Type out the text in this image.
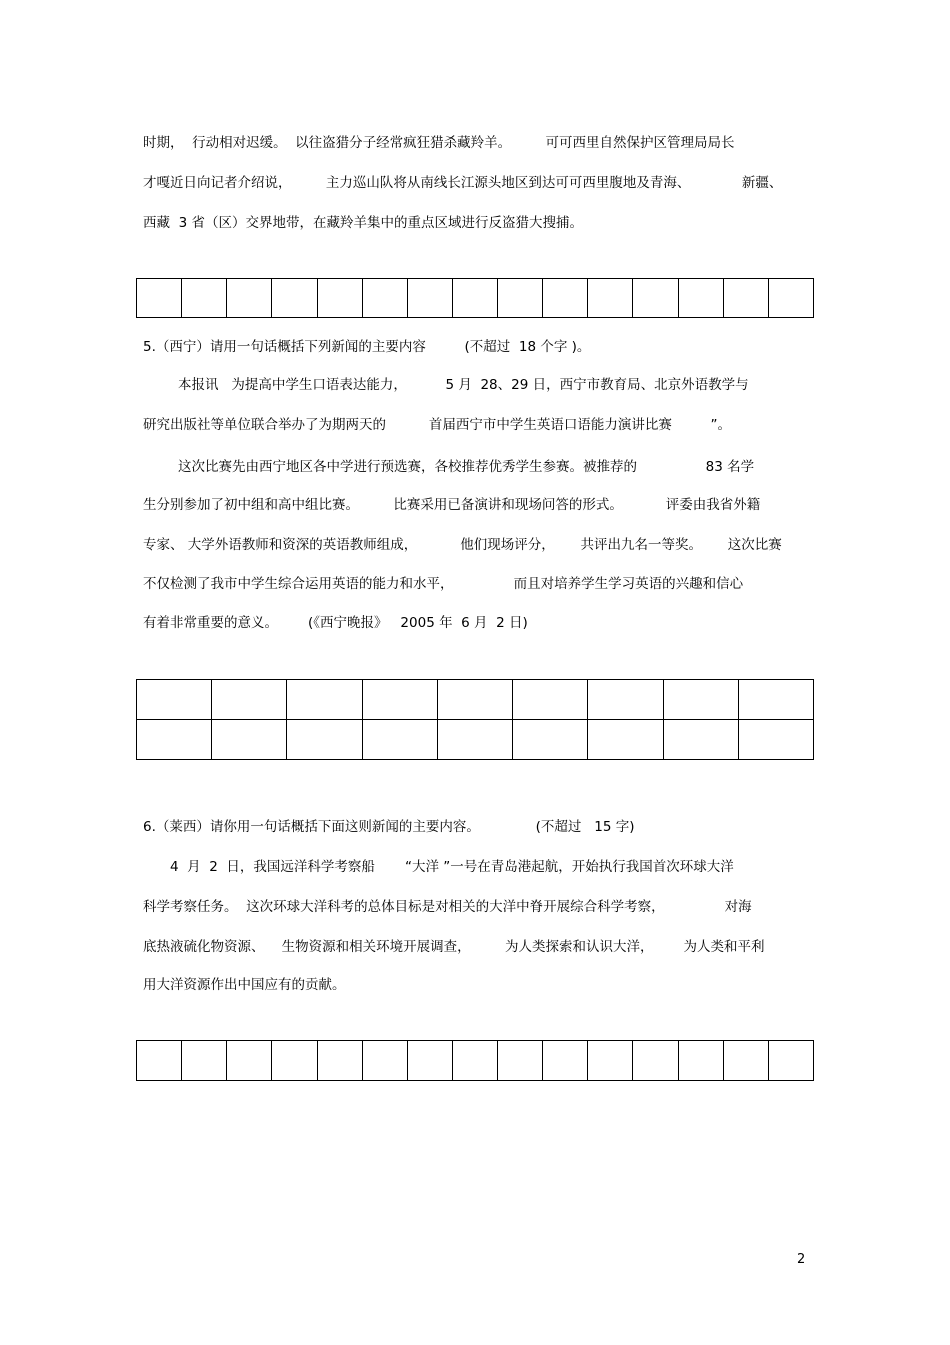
时期，  行动相对迟缓。  以往盗猎分子经常疯狂猎杀藏羚羊。        可可西里自然保护区管理局局长
才嘎近日向记者介绍说，        主力巡山队将从南线长江源头地区到达可可西里腹地及青海、            新疆、
西藏  3 省（区）交界地带，在藏羚羊集中的重点区域进行反盗猎大搜捕。

5.（西宁）请用一句话概括下列新闻的主要内容         (不超过  18 个字 )。
本报讯   为提高中学生口语表达能力，         5 月  28、29 日，西宁市教育局、北京外语教学与
研究出版社等单位联合举办了为期两天的          首届西宁市中学生英语口语能力演讲比赛         ”。
这次比赛先由西宁地区各中学进行预选赛，各校推荐优秀学生参赛。被推荐的                83 名学
生分别参加了初中组和高中组比赛。        比赛采用已备演讲和现场问答的形式。          评委由我省外籍
专家、 大学外语教师和资深的英语教师组成，          他们现场评分，      共评出九名一等奖。      这次比赛
不仅检测了我市中学生综合运用英语的能力和水平，              而且对培养学生学习英语的兴趣和信心
有着非常重要的意义。       (《西宁晚报》   2005 年  6 月  2 日)

6.（莱西）请你用一句话概括下面这则新闻的主要内容。             (不超过   15 字)
4  月  2  日，我国远洋科学考察船       “大洋 ”一号在青岛港起航，开始执行我国首次环球大洋
科学考察任务。  这次环球大洋科考的总体目标是对相关的大洋中脊开展综合科学考察，              对海
底热液硫化物资源、    生物资源和相关环境开展调查，        为人类探索和认识大洋，       为人类和平利
用大洋资源作出中国应有的贡献。

2
